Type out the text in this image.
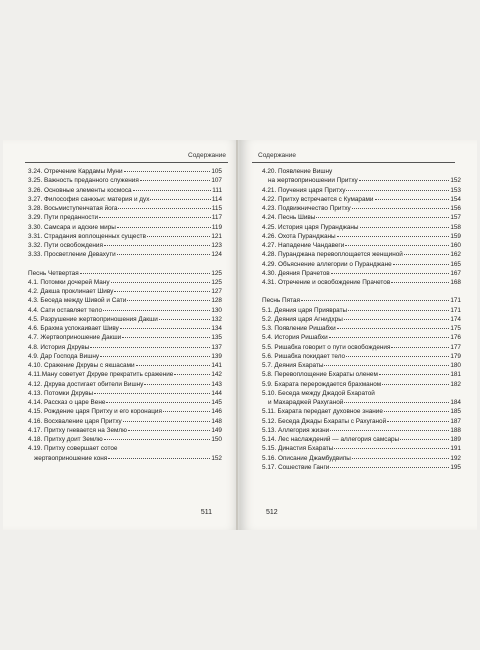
Содержание
3.24. Отречение Кардамы Муни	105
3.25. Важность преданного служения	107
3.26. Основные элементы космоса	111
3.27. Философия санкхьи: материя и дух	114
3.28. Восьмиступенчатая йога	115
3.29. Пути преданности	117
3.30. Самсара и адские миры	119
3.31. Страдания воплощенных существ	121
3.32. Пути освобождения	123
3.33. Просветление Девахути	124
Песнь Четвертая	125
4.1. Потомки дочерей Ману	125
4.2. Дакша проклинает Шиву	127
4.3. Беседа между Шивой и Сати	128
4.4. Сати оставляет тело	130
4.5. Разрушение жертвоприношения Дакши	132
4.6. Брахма успокаивает Шиву	134
4.7. Жертвоприношение Дакши	135
4.8. История Дхрувы	137
4.9. Дар Господа Вишну	139
4.10. Сражение Дхрувы с якшасами	141
4.11.Ману советует Дхруве прекратить сражение	142
4.12. Дхрува достигает обители Вишну	143
4.13. Потомки Дхрувы	144
4.14. Рассказ о царе Вене	145
4.15. Рождение царя Притху и его коронация	146
4.16. Восхваление царя Притху	148
4.17. Притху гневается на Землю	149
4.18. Притху доит Землю	150
4.19. Притху совершает сотое
жертвоприношение коня	152
511
Содержание
4.20. Появление Вишну
на жертвоприношении Притху	152
4.21. Поучения царя Притху	153
4.22. Притху встречается с Кумарами	154
4.23. Подвижничество Притху	156
4.24. Песнь Шивы	157
4.25. История царя Пуранджаны	158
4.26. Охота Пуранджаны	159
4.27. Нападение Чандавеги	160
4.28. Пуранджана перевоплощается женщиной	162
4.29. Объяснение аллегории о Пуранджане	165
4.30. Деяния Прачетов	167
4.31. Отречение и освобождение Прачетов	168
Песнь Пятая	171
5.1. Деяния царя Приявраты	171
5.2. Деяния царя Агнидхры	174
5.3. Появление Ришабхи	175
5.4. История Ришабхи	176
5.5. Ришабха говорит о пути освобождения	177
5.6. Ришабха покидает тело	179
5.7. Деяния Бхараты	180
5.8. Перевоплощение Бхараты оленем	181
5.9. Бхарата перерождается брахманом	182
5.10. Беседа между Джадой Бхаратой
и Махараджей Рахуганой	184
5.11. Бхарата передает духовное знание	185
5.12. Беседа Джады Бхараты с Рахуганой	187
5.13. Аллегория жизни	188
5.14. Лес наслаждений — аллегория самсары	189
5.15. Династия Бхараты	191
5.16. Описание Джамбудвипы	192
5.17. Сошествие Ганги	195
512
